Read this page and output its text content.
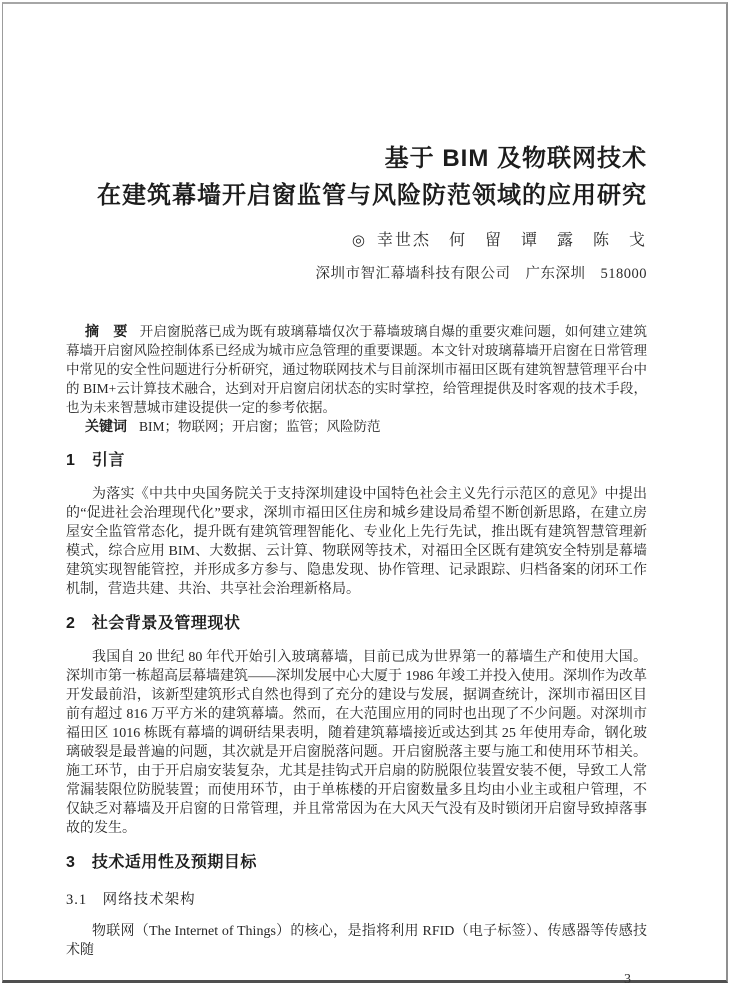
基于 BIM 及物联网技术
在建筑幕墙开启窗监管与风险防范领域的应用研究
◎ 幸世杰　何　留　谭　露　陈　戈
深圳市智汇幕墙科技有限公司　广东深圳　518000

摘　要 开启窗脱落已成为既有玻璃幕墙仅次于幕墙玻璃自爆的重要灾难问题，如何建立建筑幕墙开启窗风险控制体系已经成为城市应急管理的重要课题。本文针对玻璃幕墙开启窗在日常管理中常见的安全性问题进行分析研究，通过物联网技术与目前深圳市福田区既有建筑智慧管理平台中的 BIM+云计算技术融合，达到对开启窗启闭状态的实时掌控，给管理提供及时客观的技术手段，也为未来智慧城市建设提供一定的参考依据。

关键词 BIM；物联网；开启窗；监管；风险防范

1　引言

为落实《中共中央国务院关于支持深圳建设中国特色社会主义先行示范区的意见》中提出的“促进社会治理现代化”要求，深圳市福田区住房和城乡建设局希望不断创新思路，在建立房屋安全监管常态化，提升既有建筑管理智能化、专业化上先行先试，推出既有建筑智慧管理新模式，综合应用 BIM、大数据、云计算、物联网等技术，对福田全区既有建筑安全特别是幕墙建筑实现智能管控，并形成多方参与、隐患发现、协作管理、记录跟踪、归档备案的闭环工作机制，营造共建、共治、共享社会治理新格局。

2　社会背景及管理现状

我国自 20 世纪 80 年代开始引入玻璃幕墙，目前已成为世界第一的幕墙生产和使用大国。深圳市第一栋超高层幕墙建筑——深圳发展中心大厦于 1986 年竣工并投入使用。深圳作为改革开发最前沿，该新型建筑形式自然也得到了充分的建设与发展，据调查统计，深圳市福田区目前有超过 816 万平方米的建筑幕墙。然而，在大范围应用的同时也出现了不少问题。对深圳市福田区 1016 栋既有幕墙的调研结果表明，随着建筑幕墙接近或达到其 25 年使用寿命，钢化玻璃破裂是最普遍的问题，其次就是开启窗脱落问题。开启窗脱落主要与施工和使用环节相关。施工环节，由于开启扇安装复杂，尤其是挂钩式开启扇的防脱限位装置安装不便，导致工人常常漏装限位防脱装置；而使用环节，由于单栋楼的开启窗数量多且均由小业主或租户管理，不仅缺乏对幕墙及开启窗的日常管理，并且常常因为在大风天气没有及时锁闭开启窗导致掉落事故的发生。

3　技术适用性及预期目标
3.1　网络技术架构

物联网（The Internet of Things）的核心，是指将利用 RFID（电子标签）、传感器等传感技术随

3
